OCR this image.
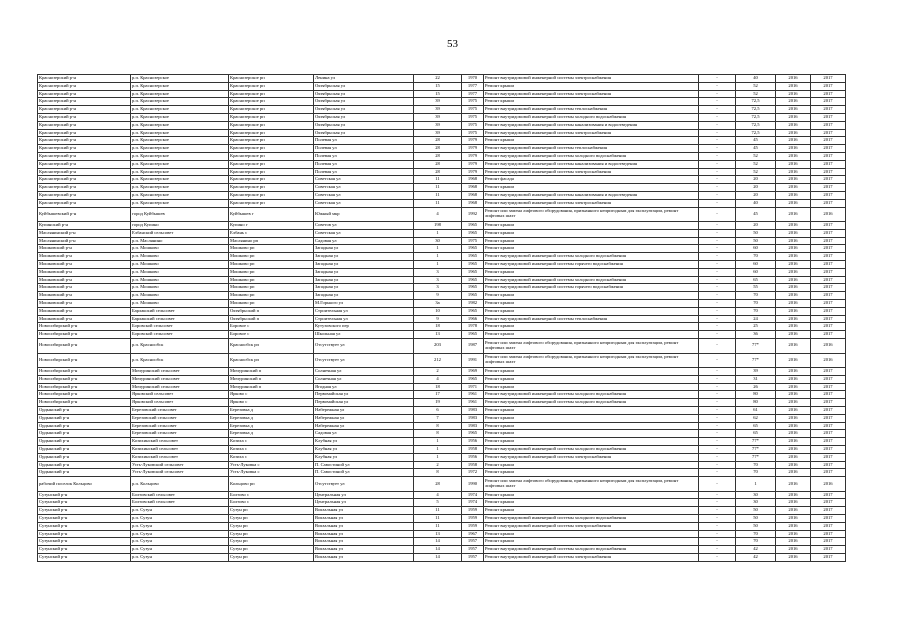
53
Краснозерский р-н	р.п. Краснозерское	Краснозерское рп	Ленина ул	22	1970	Ремонт внутридомовой инженерной системы электроснабжения	-	40	2016	2017
Краснозерский р-н	р.п. Краснозерское	Краснозерское рп	Октябрьская ул	15	1977	Ремонт крыши	-	52	2016	2017
Краснозерский р-н	р.п. Краснозерское	Краснозерское рп	Октябрьская ул	15	1977	Ремонт внутридомовой инженерной системы электроснабжения	-	52	2016	2017
Краснозерский р-н	р.п. Краснозерское	Краснозерское рп	Октябрьская ул	39	1975	Ремонт крыши	-	72,5	2016	2017
Краснозерский р-н	р.п. Краснозерское	Краснозерское рп	Октябрьская ул	39	1975	Ремонт внутридомовой инженерной системы теплоснабжения	-	72,5	2016	2017
Краснозерский р-н	р.п. Краснозерское	Краснозерское рп	Октябрьская ул	39	1975	Ремонт внутридомовой инженерной системы холодного водоснабжения	-	72,5	2016	2017
Краснозерский р-н	р.п. Краснозерское	Краснозерское рп	Октябрьская ул	39	1975	Ремонт внутридомовой инженерной системы канализования и водоотведения	-	72,5	2016	2017
Краснозерский р-н	р.п. Краснозерское	Краснозерское рп	Октябрьская ул	39	1975	Ремонт внутридомовой инженерной системы электроснабжения	-	72,5	2016	2017
Краснозерский р-н	р.п. Краснозерское	Краснозерское рп	Полевая ул	28	1979	Ремонт крыши	-	45	2016	2017
Краснозерский р-н	р.п. Краснозерское	Краснозерское рп	Полевая ул	28	1979	Ремонт внутридомовой инженерной системы теплоснабжения	-	45	2016	2017
Краснозерский р-н	р.п. Краснозерское	Краснозерское рп	Полевая ул	28	1979	Ремонт внутридомовой инженерной системы холодного водоснабжения	-	52	2016	2017
Краснозерский р-н	р.п. Краснозерское	Краснозерское рп	Полевая ул	28	1979	Ремонт внутридомовой инженерной системы канализования и водоотведения	-	52	2016	2017
Краснозерский р-н	р.п. Краснозерское	Краснозерское рп	Полевая ул	28	1979	Ремонт внутридомовой инженерной системы электроснабжения	-	52	2016	2017
Краснозерский р-н	р.п. Краснозерское	Краснозерское рп	Советская ул	11	1968	Ремонт фасада	-	20	2016	2017
Краснозерский р-н	р.п. Краснозерское	Краснозерское рп	Советская ул	11	1968	Ремонт крыши	-	20	2016	2017
Краснозерский р-н	р.п. Краснозерское	Краснозерское рп	Советская ул	11	1968	Ремонт внутридомовой инженерной системы канализования и водоотведения	-	20	2016	2017
Краснозерский р-н	р.п. Краснозерское	Краснозерское рп	Советская ул	11	1968	Ремонт внутридомовой инженерной системы электроснабжения	-	40	2016	2017
Куйбышевский р-н	город Куйбышев	Куйбышев г	Южный мкр	4	1992	Ремонт или замена лифтового оборудования, признанного непригодным для эксплуатации, ремонт лифтовых шахт	-	45	2016	2016
Купинский р-н	город Купино	Купино г	Советов ул	198	1965	Ремонт крыши	-	20	2016	2017
Маслянинский р-н	Елбанский сельсовет	Елбань с	Советская ул	1	1965	Ремонт крыши	-	50	2016	2017
Маслянинский р-н	р.п. Маслянино	Маслянино рп	Садовая ул	30	1975	Ремонт крыши	-	50	2016	2017
Мошковский р-н	р.п. Мошково	Мошково рп	Западная ул	1	1965	Ремонт крыши	-	60	2016	2017
Мошковский р-н	р.п. Мошково	Мошково рп	Западная ул	1	1965	Ремонт внутридомовой инженерной системы холодного водоснабжения	-	70	2016	2017
Мошковский р-н	р.п. Мошково	Мошково рп	Западная ул	1	1965	Ремонт внутридомовой инженерной системы горячего водоснабжения	-	60	2016	2017
Мошковский р-н	р.п. Мошково	Мошково рп	Западная ул	3	1965	Ремонт крыши	-	60	2016	2017
Мошковский р-н	р.п. Мошково	Мошково рп	Западная ул	3	1965	Ремонт внутридомовой инженерной системы холодного водоснабжения	-	65	2016	2017
Мошковский р-н	р.п. Мошково	Мошково рп	Западная ул	3	1965	Ремонт внутридомовой инженерной системы горячего водоснабжения	-	55	2016	2017
Мошковский р-н	р.п. Мошково	Мошково рп	Западная ул	9	1965	Ремонт крыши	-	70	2016	2017
Мошковский р-н	р.п. Мошково	Мошково рп	М.Горького ул	3а	1982	Ремонт крыши	-	70	2016	2017
Мошковский р-н	Барлакский сельсовет	Октябрьский п	Строительная ул	10	1965	Ремонт крыши	-	70	2016	2017
Мошковский р-н	Барлакский сельсовет	Октябрьский п	Строительная ул	9	1966	Ремонт внутридомовой инженерной системы теплоснабжения	-	24	2016	2017
Новосибирский р-н	Боровской сельсовет	Боровое с	Кутузовского пер	18	1978	Ремонт крыши	-	25	2016	2017
Новосибирский р-н	Боровской сельсовет	Боровое с	Школьная ул	13	1965	Ремонт крыши	-	36	2016	2017
Новосибирский р-н	р.п. Краснообск	Краснообск рп	Отсутствует ул	203	1987	Ремонт или замена лифтового оборудования, признанного непригодным для эксплуатации, ремонт лифтовых шахт	-	77*	2016	2016
Новосибирский р-н	р.п. Краснообск	Краснообск рп	Отсутствует ул	212	1991	Ремонт или замена лифтового оборудования, признанного непригодным для эксплуатации, ремонт лифтовых шахт	-	77*	2016	2016
Новосибирский р-н	Мичуринский сельсовет	Мичуринский п	Солнечная ул	2	1969	Ремонт крыши	-	39	2016	2017
Новосибирский р-н	Мичуринский сельсовет	Мичуринский п	Солнечная ул	4	1965	Ремонт крыши	-	31	2016	2017
Новосибирский р-н	Мичуринский сельсовет	Мичуринский п	Ягодная ул	18	1971	Ремонт крыши	-	26	2016	2017
Новосибирский р-н	Ярковский сельсовет	Ярково с	Первомайская ул	17	1961	Ремонт внутридомовой инженерной системы холодного водоснабжения	-	80	2016	2017
Новосибирский р-н	Ярковский сельсовет	Ярково с	Первомайская ул	19	1961	Ремонт внутридомовой инженерной системы холодного водоснабжения	-	80	2016	2017
Ордынский р-н	Березовский сельсовет	Березовка д	Набережная ул	6	1983	Ремонт крыши	-	61	2016	2017
Ордынский р-н	Березовский сельсовет	Березовка д	Набережная ул	7	1983	Ремонт крыши	-	62	2016	2017
Ордынский р-н	Березовский сельсовет	Березовка д	Набережная ул	8	1983	Ремонт крыши	-	65	2016	2017
Ордынский р-н	Березовский сельсовет	Березовка д	Садовая ул	8	1965	Ремонт крыши	-	65	2016	2017
Ордынский р-н	Козихинский сельсовет	Козиха с	Клубная ул	1	1956	Ремонт крыши	-	77*	2016	2017
Ордынский р-н	Козихинский сельсовет	Козиха с	Клубная ул	1	1958	Ремонт внутридомовой инженерной системы холодного водоснабжения	-	77*	2016	2017
Ордынский р-н	Козихинский сельсовет	Козиха с	Клубная ул	1	1956	Ремонт внутридомовой инженерной системы электроснабжения	-	77*	2016	2017
Ордынский р-н	Усть-Луковский сельсовет	Усть-Луковка с	П. Савостиной ул	2	1958	Ремонт крыши	-	70	2016	2017
Ордынский р-н	Усть-Луковский сельсовет	Усть-Луковка с	П. Савостиной ул	8	1972	Ремонт крыши	-	70	2016	2017
рабочий поселок Кольцово	р.п. Кольцово	Кольцово рп	Отсутствует ул	28	1990	Ремонт или замена лифтового оборудования, признанного непригодным для эксплуатации, ремонт лифтовых шахт	-	1	2016	2016
Сузунский р-н	Болтовский сельсовет	Болтово с	Центральная ул	4	1974	Ремонт крыши	-	30	2016	2017
Сузунский р-н	Болтовский сельсовет	Болтово с	Центральная ул	5	1974	Ремонт крыши	-	30	2016	2017
Сузунский р-н	р.п. Сузун	Сузун рп	Вокзальная ул	11	1959	Ремонт крыши	-	50	2016	2017
Сузунский р-н	р.п. Сузун	Сузун рп	Вокзальная ул	11	1959	Ремонт внутридомовой инженерной системы холодного водоснабжения	-	50	2016	2017
Сузунский р-н	р.п. Сузун	Сузун рп	Вокзальная ул	11	1959	Ремонт внутридомовой инженерной системы электроснабжения	-	50	2016	2017
Сузунский р-н	р.п. Сузун	Сузун рп	Вокзальная ул	13	1967	Ремонт крыши	-	70	2016	2017
Сузунский р-н	р.п. Сузун	Сузун рп	Вокзальная ул	14	1957	Ремонт крыши	-	70	2016	2017
Сузунский р-н	р.п. Сузун	Сузун рп	Вокзальная ул	14	1957	Ремонт внутридомовой инженерной системы холодного водоснабжения	-	42	2016	2017
Сузунский р-н	р.п. Сузун	Сузун рп	Вокзальная ул	14	1957	Ремонт внутридомовой инженерной системы электроснабжения	-	42	2016	2017
